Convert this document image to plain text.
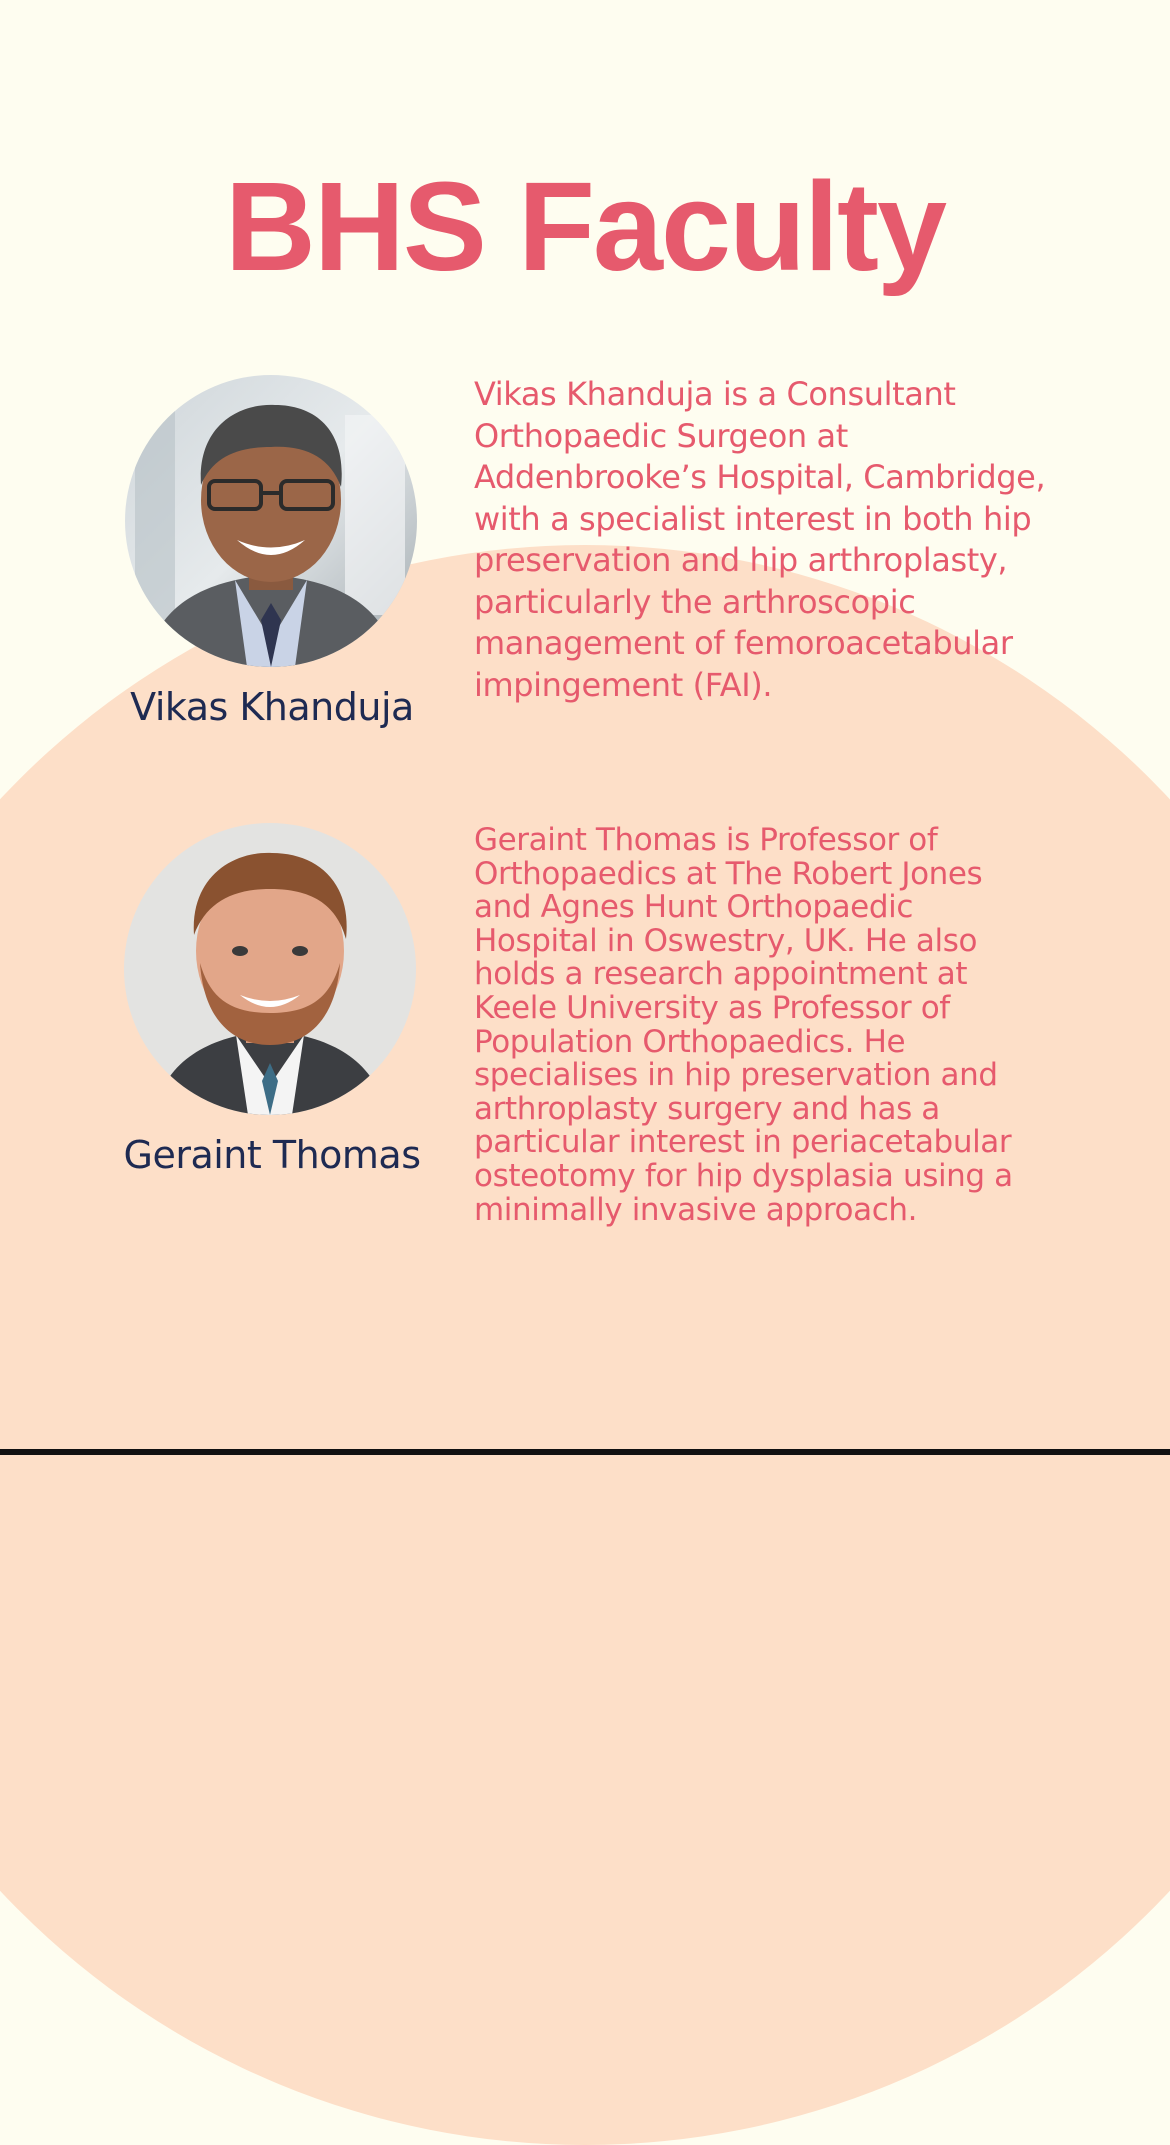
BHS Faculty
Vikas Khanduja

Vikas Khanduja is a Consultant
Orthopaedic Surgeon at
Addenbrooke’s Hospital, Cambridge,
with a specialist interest in both hip
preservation and hip arthroplasty,
particularly the arthroscopic
management of femoroacetabular
impingement (FAI).

Geraint Thomas

Geraint Thomas is Professor of
Orthopaedics at The Robert Jones
and Agnes Hunt Orthopaedic
Hospital in Oswestry, UK. He also
holds a research appointment at
Keele University as Professor of
Population Orthopaedics. He
specialises in hip preservation and
arthroplasty surgery and has a
particular interest in periacetabular
osteotomy for hip dysplasia using a
minimally invasive approach.
